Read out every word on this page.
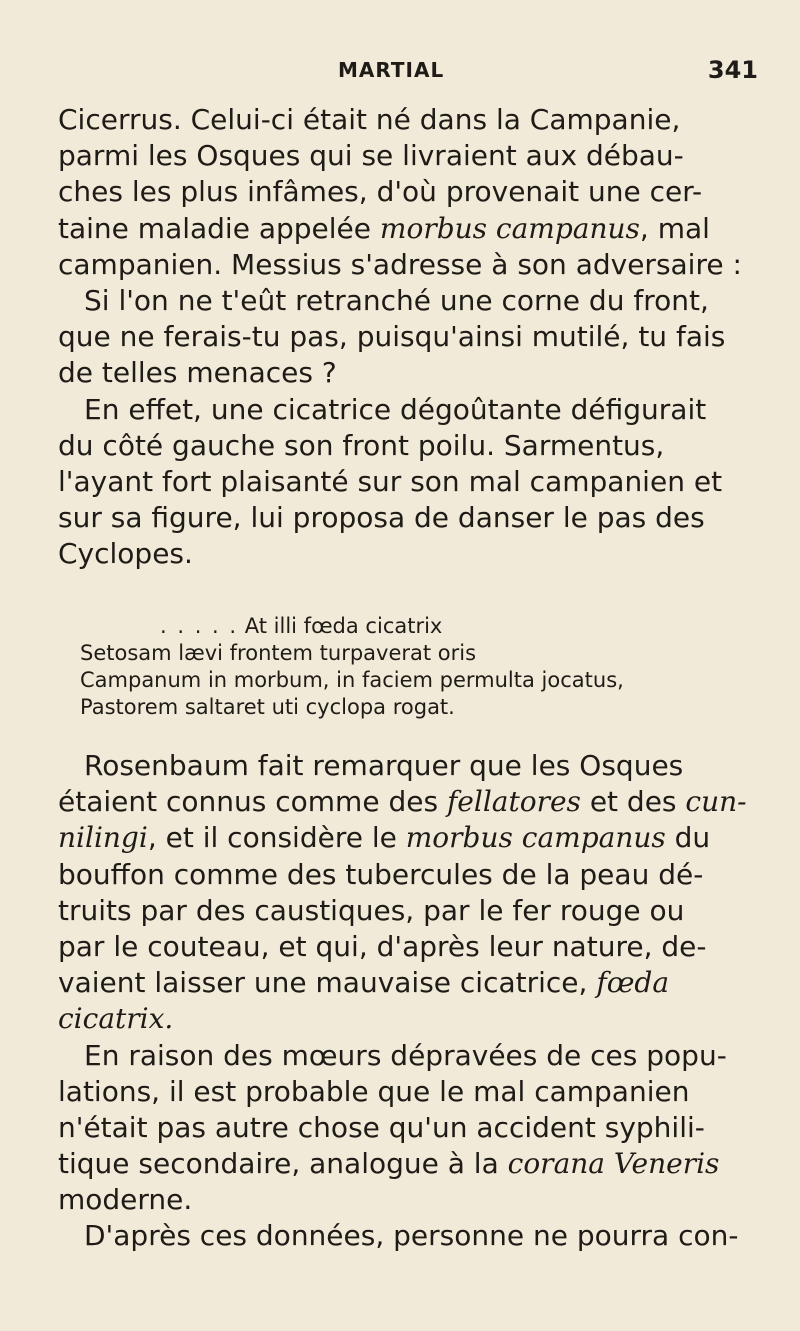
MARTIAL	341
Cicerrus. Celui-ci était né dans la Campanie,
parmi les Osques qui se livraient aux débau-
ches les plus infâmes, d'où provenait une cer-
taine maladie appelée morbus campanus, mal
campanien. Messius s'adresse à son adversaire :
Si l'on ne t'eût retranché une corne du front,
que ne ferais-tu pas, puisqu'ainsi mutilé, tu fais
de telles menaces ?
En effet, une cicatrice dégoûtante défigurait
du côté gauche son front poilu. Sarmentus,
l'ayant fort plaisanté sur son mal campanien et
sur sa figure, lui proposa de danser le pas des
Cyclopes.
. . . . . At illi fœda cicatrix
Setosam lævi frontem turpaverat oris
Campanum in morbum, in faciem permulta jocatus,
Pastorem saltaret uti cyclopa rogat.
Rosenbaum fait remarquer que les Osques
étaient connus comme des fellatores et des cun-
nilingi, et il considère le morbus campanus du
bouffon comme des tubercules de la peau dé-
truits par des caustiques, par le fer rouge ou
par le couteau, et qui, d'après leur nature, de-
vaient laisser une mauvaise cicatrice, fœda
cicatrix.
En raison des mœurs dépravées de ces popu-
lations, il est probable que le mal campanien
n'était pas autre chose qu'un accident syphili-
tique secondaire, analogue à la corana Veneris
moderne.
D'après ces données, personne ne pourra con-
